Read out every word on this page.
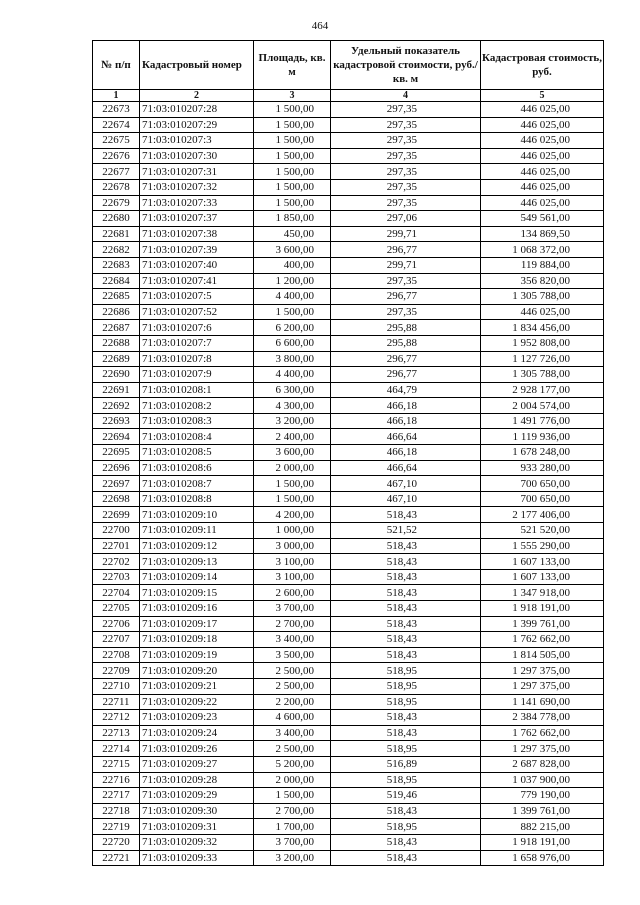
464
№ п/п	Кадастровый номер	Площадь, кв. м	Удельный показатель кадастровой стоимости, руб./кв. м	Кадастровая стоимость, руб.
1	2	3	4	5
22673	71:03:010207:28	1 500,00	297,35	446 025,00
22674	71:03:010207:29	1 500,00	297,35	446 025,00
22675	71:03:010207:3	1 500,00	297,35	446 025,00
22676	71:03:010207:30	1 500,00	297,35	446 025,00
22677	71:03:010207:31	1 500,00	297,35	446 025,00
22678	71:03:010207:32	1 500,00	297,35	446 025,00
22679	71:03:010207:33	1 500,00	297,35	446 025,00
22680	71:03:010207:37	1 850,00	297,06	549 561,00
22681	71:03:010207:38	450,00	299,71	134 869,50
22682	71:03:010207:39	3 600,00	296,77	1 068 372,00
22683	71:03:010207:40	400,00	299,71	119 884,00
22684	71:03:010207:41	1 200,00	297,35	356 820,00
22685	71:03:010207:5	4 400,00	296,77	1 305 788,00
22686	71:03:010207:52	1 500,00	297,35	446 025,00
22687	71:03:010207:6	6 200,00	295,88	1 834 456,00
22688	71:03:010207:7	6 600,00	295,88	1 952 808,00
22689	71:03:010207:8	3 800,00	296,77	1 127 726,00
22690	71:03:010207:9	4 400,00	296,77	1 305 788,00
22691	71:03:010208:1	6 300,00	464,79	2 928 177,00
22692	71:03:010208:2	4 300,00	466,18	2 004 574,00
22693	71:03:010208:3	3 200,00	466,18	1 491 776,00
22694	71:03:010208:4	2 400,00	466,64	1 119 936,00
22695	71:03:010208:5	3 600,00	466,18	1 678 248,00
22696	71:03:010208:6	2 000,00	466,64	933 280,00
22697	71:03:010208:7	1 500,00	467,10	700 650,00
22698	71:03:010208:8	1 500,00	467,10	700 650,00
22699	71:03:010209:10	4 200,00	518,43	2 177 406,00
22700	71:03:010209:11	1 000,00	521,52	521 520,00
22701	71:03:010209:12	3 000,00	518,43	1 555 290,00
22702	71:03:010209:13	3 100,00	518,43	1 607 133,00
22703	71:03:010209:14	3 100,00	518,43	1 607 133,00
22704	71:03:010209:15	2 600,00	518,43	1 347 918,00
22705	71:03:010209:16	3 700,00	518,43	1 918 191,00
22706	71:03:010209:17	2 700,00	518,43	1 399 761,00
22707	71:03:010209:18	3 400,00	518,43	1 762 662,00
22708	71:03:010209:19	3 500,00	518,43	1 814 505,00
22709	71:03:010209:20	2 500,00	518,95	1 297 375,00
22710	71:03:010209:21	2 500,00	518,95	1 297 375,00
22711	71:03:010209:22	2 200,00	518,95	1 141 690,00
22712	71:03:010209:23	4 600,00	518,43	2 384 778,00
22713	71:03:010209:24	3 400,00	518,43	1 762 662,00
22714	71:03:010209:26	2 500,00	518,95	1 297 375,00
22715	71:03:010209:27	5 200,00	516,89	2 687 828,00
22716	71:03:010209:28	2 000,00	518,95	1 037 900,00
22717	71:03:010209:29	1 500,00	519,46	779 190,00
22718	71:03:010209:30	2 700,00	518,43	1 399 761,00
22719	71:03:010209:31	1 700,00	518,95	882 215,00
22720	71:03:010209:32	3 700,00	518,43	1 918 191,00
22721	71:03:010209:33	3 200,00	518,43	1 658 976,00
